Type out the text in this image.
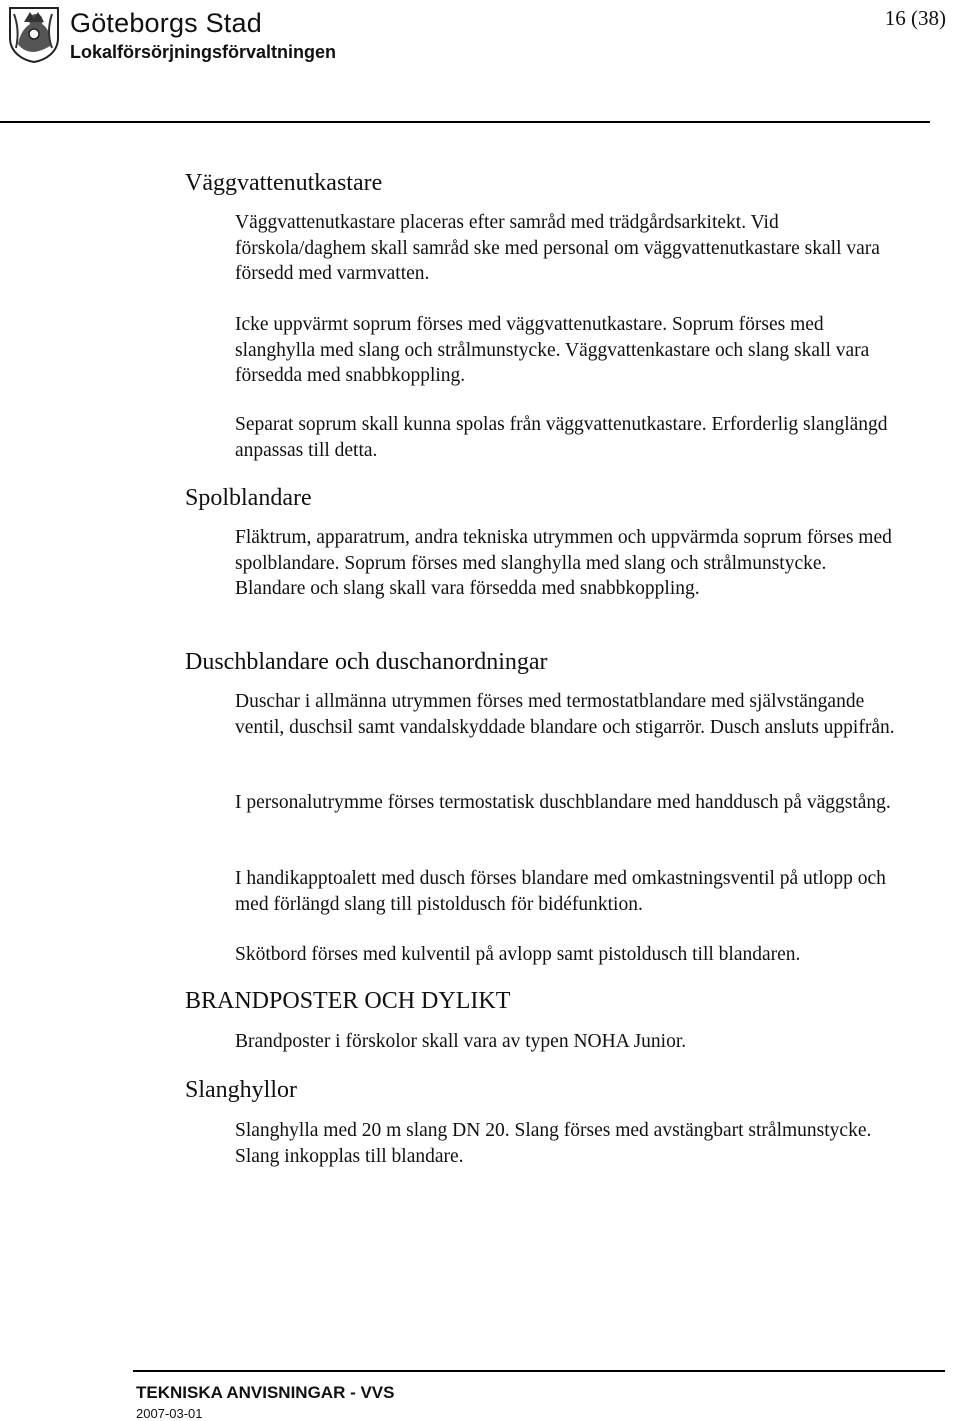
Göteborgs Stad
Lokalförsörjningsförvaltningen
16 (38)
Väggvattenutkastare

Väggvattenutkastare placeras efter samråd med trädgårdsarkitekt. Vid förskola/daghem skall samråd ske med personal om väggvattenutkastare skall vara försedd med varmvatten.

Icke uppvärmt soprum förses med väggvattenutkastare. Soprum förses med slanghylla med slang och strålmunstycke. Väggvattenkastare och slang skall vara försedda med snabbkoppling.

Separat soprum skall kunna spolas från väggvattenutkastare. Erforderlig slanglängd anpassas till detta.

Spolblandare

Fläktrum, apparatrum, andra tekniska utrymmen och uppvärmda soprum förses med spolblandare. Soprum förses med slanghylla med slang och strålmunstycke. Blandare och slang skall vara försedda med snabbkoppling.

Duschblandare och duschanordningar

Duschar i allmänna utrymmen förses med termostatblandare med självstängande ventil, duschsil samt vandalskyddade blandare och stigarrör. Dusch ansluts uppifrån.

I personalutrymme förses termostatisk duschblandare med handdusch på väggstång.

I handikapptoalett med dusch förses blandare med omkastningsventil på utlopp och med förlängd slang till pistoldusch för bidéfunktion.

Skötbord förses med kulventil på avlopp samt pistoldusch till blandaren.

BRANDPOSTER OCH DYLIKT

Brandposter i förskolor skall vara av typen NOHA Junior.

Slanghyllor

Slanghylla med 20 m slang DN 20. Slang förses med avstängbart strålmunstycke. Slang inkopplas till blandare.

TEKNISKA ANVISNINGAR - VVS
2007-03-01
